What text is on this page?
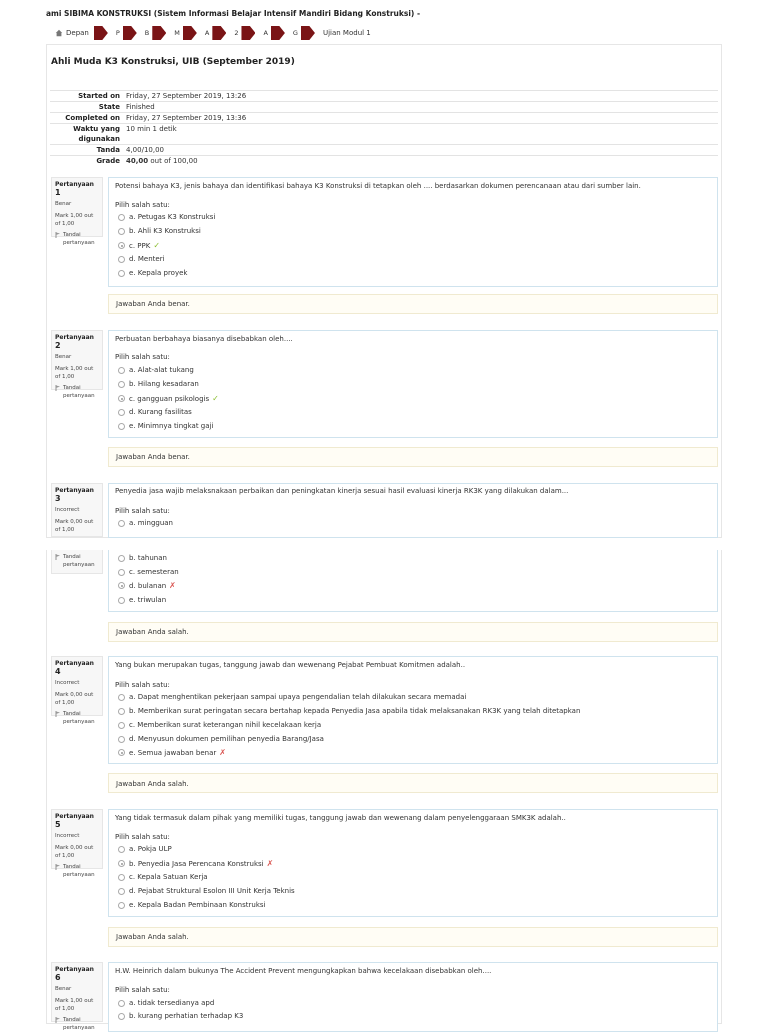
ami SIBIMA KONSTRUKSI (Sistem Informasi Belajar Intensif Mandiri Bidang Konstruksi) -
Depan	P	B	M	A	2	A	G	Ujian Modul 1
Ahli Muda K3 Konstruksi, UIB (September 2019)
Started on Friday, 27 September 2019, 13:26
State Finished
Completed on Friday, 27 September 2019, 13:36
Waktu yang digunakan
10 min 1 detik
Tanda 4,00/10,00
Grade 40,00 out of 100,00
Pertanyaan 1
Benar
Mark 1,00 out of 1,00
Tandai pertanyaan
Potensi bahaya K3, jenis bahaya dan identifikasi bahaya K3 Konstruksi di tetapkan oleh .... berdasarkan dokumen perencanaan atau dari sumber lain.
Pilih salah satu:
a. Petugas K3 Konstruksi
b. Ahli K3 Konstruksi
c. PPK ✓
d. Menteri
e. Kepala proyek
Jawaban Anda benar.
Pertanyaan 2
Benar
Mark 1,00 out of 1,00
Tandai pertanyaan
Perbuatan berbahaya biasanya disebabkan oleh....
Pilih salah satu:
a. Alat-alat tukang
b. Hilang kesadaran
c. gangguan psikologis ✓
d. Kurang fasilitas
e. Minimnya tingkat gaji
Jawaban Anda benar.
Pertanyaan 3
Incorrect
Mark 0,00 out of 1,00
Tandai pertanyaan
Penyedia jasa wajib melaksnakaan perbaikan dan peningkatan kinerja sesuai hasil evaluasi kinerja RK3K yang dilakukan dalam...
Pilih salah satu:
a. mingguan
b. tahunan
c. semesteran
d. bulanan ✗
e. triwulan
Jawaban Anda salah.
Pertanyaan 4
Incorrect
Mark 0,00 out of 1,00
Tandai pertanyaan
Yang bukan merupakan tugas, tanggung jawab dan wewenang Pejabat Pembuat Komitmen adalah..
Pilih salah satu:
a. Dapat menghentikan pekerjaan sampai upaya pengendalian telah dilakukan secara memadai
b. Memberikan surat peringatan secara bertahap kepada Penyedia Jasa apabila tidak melaksanakan RK3K yang telah ditetapkan
c. Memberikan surat keterangan nihil kecelakaan kerja
d. Menyusun dokumen pemilihan penyedia Barang/Jasa
e. Semua jawaban benar ✗
Jawaban Anda salah.
Pertanyaan 5
Incorrect
Mark 0,00 out of 1,00
Tandai pertanyaan
Yang tidak termasuk dalam pihak yang memiliki tugas, tanggung jawab dan wewenang dalam penyelenggaraan SMK3K adalah..
Pilih salah satu:
a. Pokja ULP
b. Penyedia Jasa Perencana Konstruksi ✗
c. Kepala Satuan Kerja
d. Pejabat Struktural Esolon III Unit Kerja Teknis
e. Kepala Badan Pembinaan Konstruksi
Jawaban Anda salah.
Pertanyaan 6
Benar
Mark 1,00 out of 1,00
Tandai pertanyaan
H.W. Heinrich dalam bukunya The Accident Prevent mengungkapkan bahwa kecelakaan disebabkan oleh....
Pilih salah satu:
a. tidak tersedianya apd
b. kurang perhatian terhadap K3
